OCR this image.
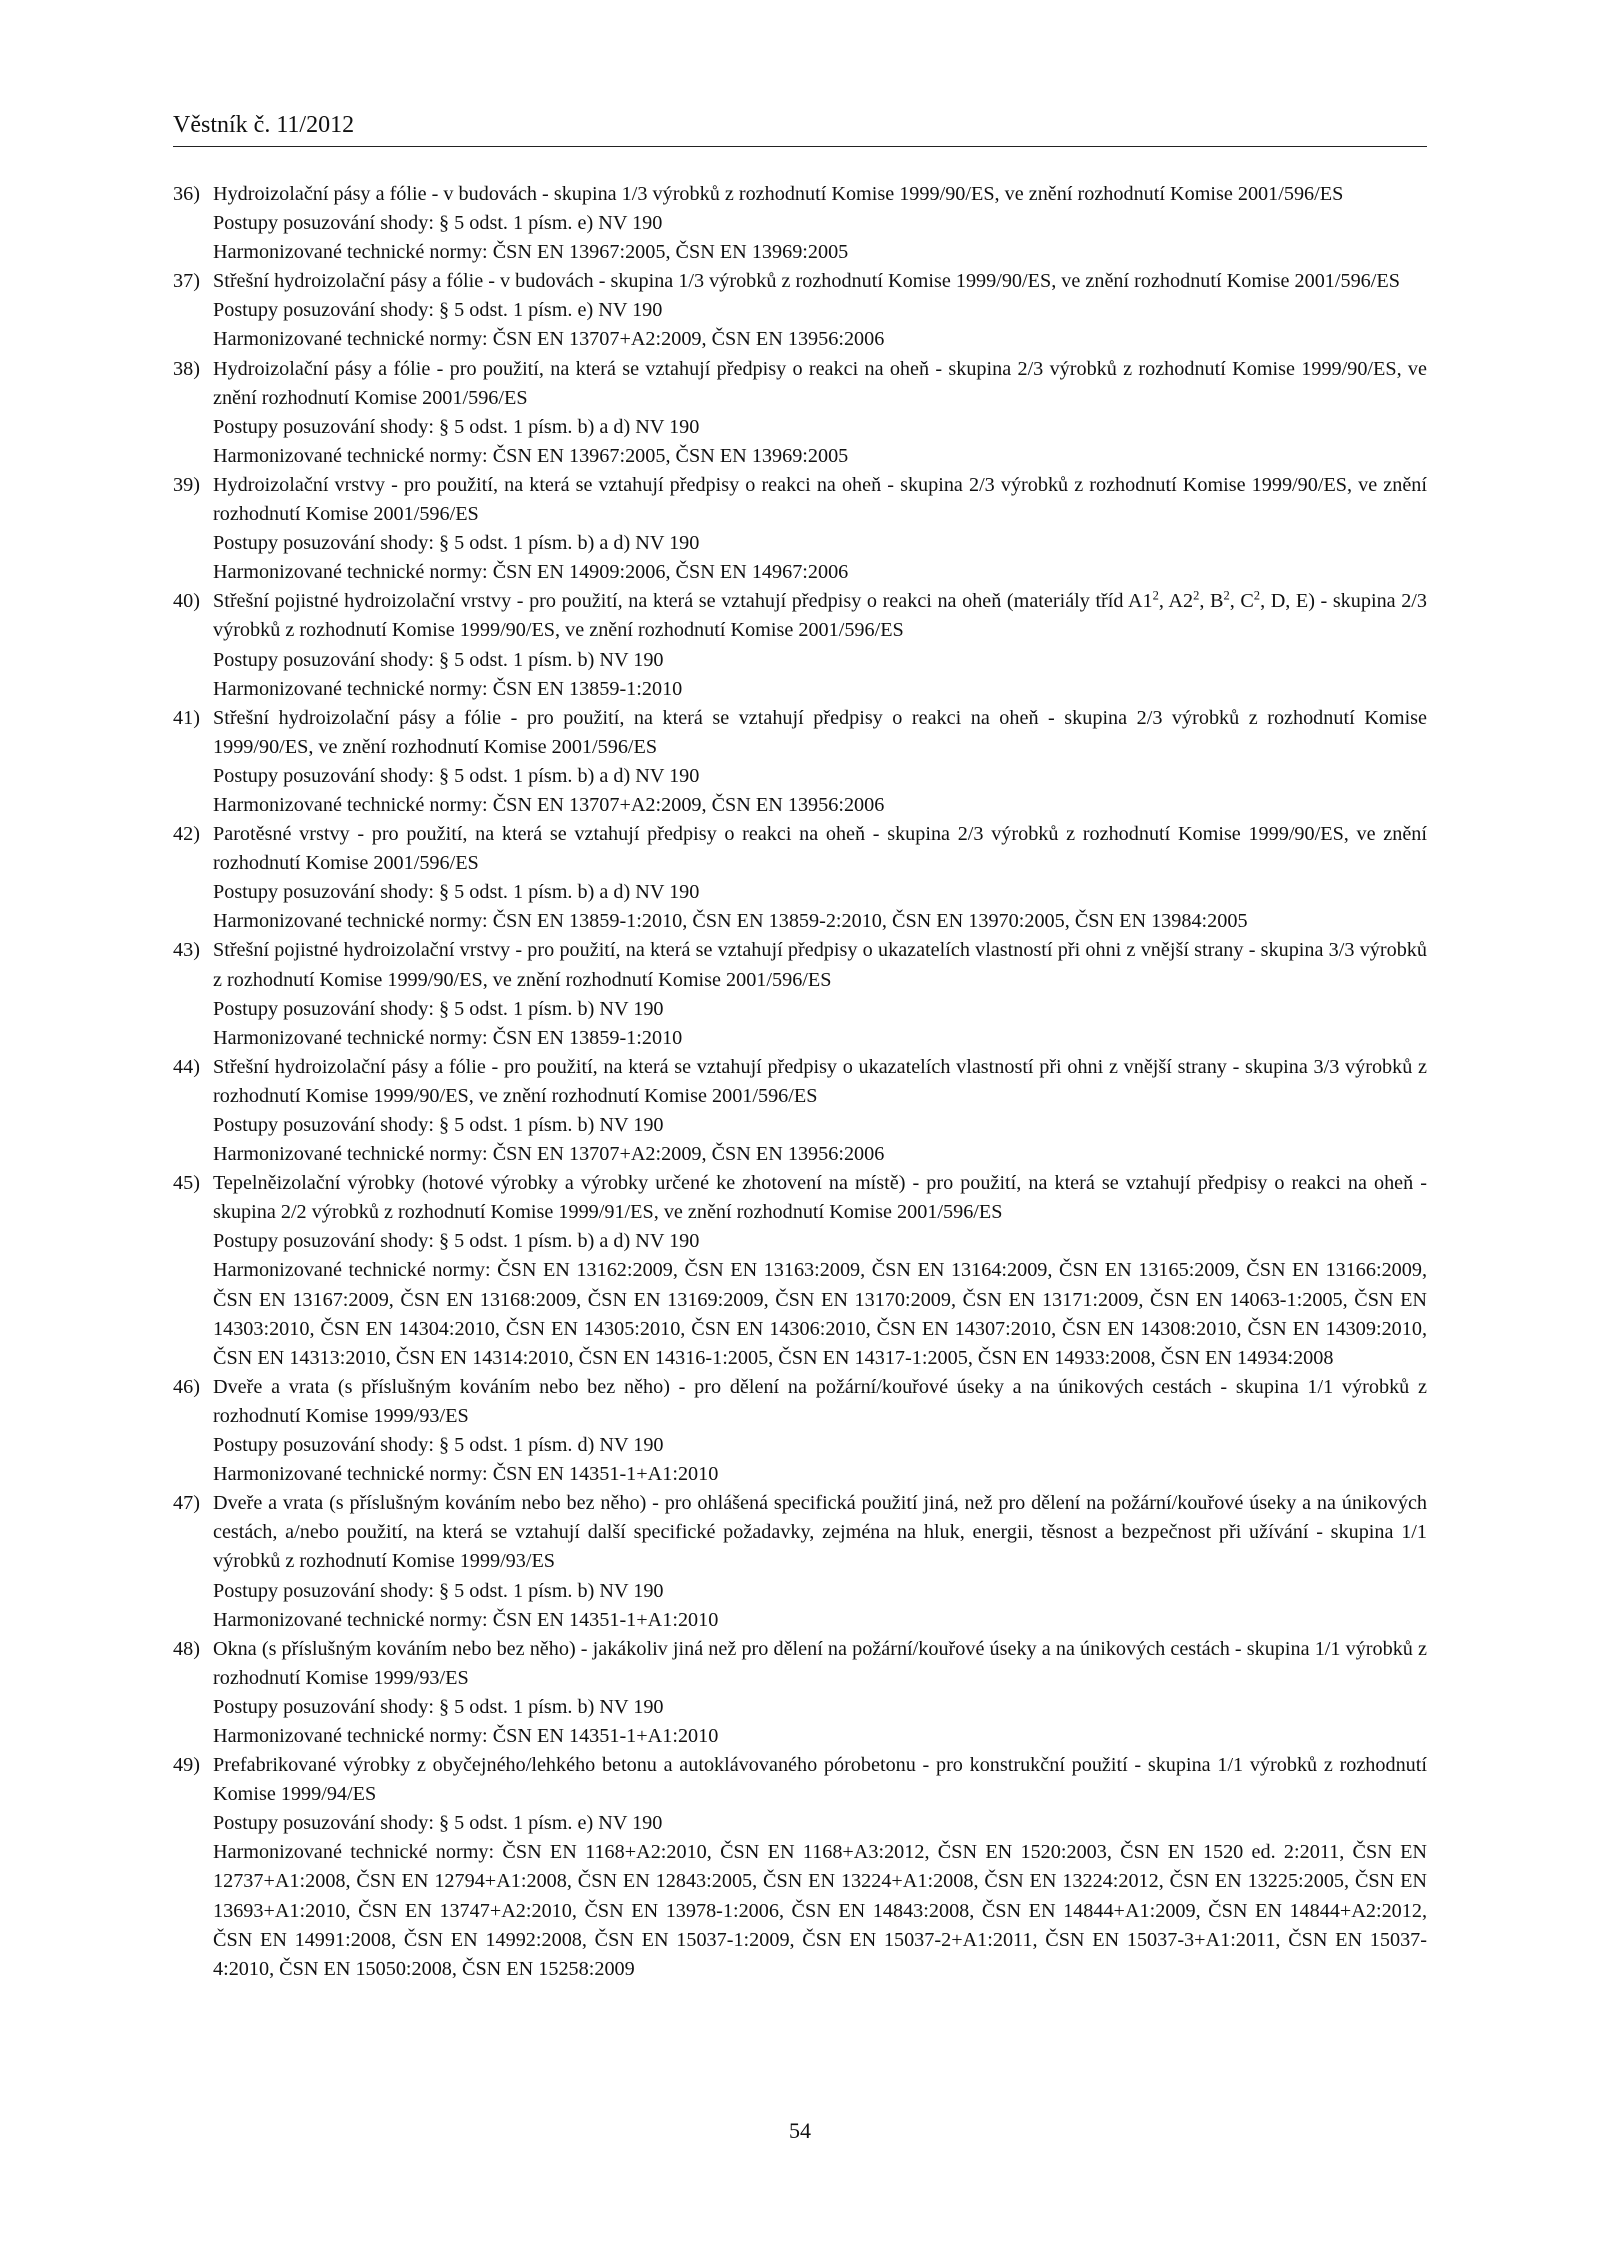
Věstník č. 11/2012
36) Hydroizolační pásy a fólie - v budovách - skupina 1/3 výrobků z rozhodnutí Komise 1999/90/ES, ve znění rozhodnutí Komise 2001/596/ES

Postupy posuzování shody: § 5 odst. 1 písm. e) NV 190

Harmonizované technické normy: ČSN EN 13967:2005, ČSN EN 13969:2005

37) Střešní hydroizolační pásy a fólie - v budovách - skupina 1/3 výrobků z rozhodnutí Komise 1999/90/ES, ve znění rozhodnutí Komise 2001/596/ES

Postupy posuzování shody: § 5 odst. 1 písm. e) NV 190

Harmonizované technické normy: ČSN EN 13707+A2:2009, ČSN EN 13956:2006

38) Hydroizolační pásy a fólie - pro použití, na která se vztahují předpisy o reakci na oheň - skupina 2/3 výrobků z rozhodnutí Komise 1999/90/ES, ve znění rozhodnutí Komise 2001/596/ES

Postupy posuzování shody: § 5 odst. 1 písm. b) a d) NV 190

Harmonizované technické normy: ČSN EN 13967:2005, ČSN EN 13969:2005

39) Hydroizolační vrstvy - pro použití, na která se vztahují předpisy o reakci na oheň - skupina 2/3 výrobků z rozhodnutí Komise 1999/90/ES, ve znění rozhodnutí Komise 2001/596/ES

Postupy posuzování shody: § 5 odst. 1 písm. b) a d) NV 190

Harmonizované technické normy: ČSN EN 14909:2006, ČSN EN 14967:2006

40) Střešní pojistné hydroizolační vrstvy - pro použití, na která se vztahují předpisy o reakci na oheň (materiály tříd $A1^2$, $A2^2$, $B^2$, $C^2$, D, E) - skupina 2/3 výrobků z rozhodnutí Komise 1999/90/ES, ve znění rozhodnutí Komise 2001/596/ES

Postupy posuzování shody: § 5 odst. 1 písm. b) NV 190

Harmonizované technické normy: ČSN EN 13859-1:2010

41) Střešní hydroizolační pásy a fólie - pro použití, na která se vztahují předpisy o reakci na oheň - skupina 2/3 výrobků z rozhodnutí Komise 1999/90/ES, ve znění rozhodnutí Komise 2001/596/ES

Postupy posuzování shody: § 5 odst. 1 písm. b) a d) NV 190

Harmonizované technické normy: ČSN EN 13707+A2:2009, ČSN EN 13956:2006

42) Parotěsné vrstvy - pro použití, na která se vztahují předpisy o reakci na oheň - skupina 2/3 výrobků z rozhodnutí Komise 1999/90/ES, ve znění rozhodnutí Komise 2001/596/ES

Postupy posuzování shody: § 5 odst. 1 písm. b) a d) NV 190

Harmonizované technické normy: ČSN EN 13859-1:2010, ČSN EN 13859-2:2010, ČSN EN 13970:2005, ČSN EN 13984:2005

43) Střešní pojistné hydroizolační vrstvy - pro použití, na která se vztahují předpisy o ukazatelích vlastností při ohni z vnější strany - skupina 3/3 výrobků z rozhodnutí Komise 1999/90/ES, ve znění rozhodnutí Komise 2001/596/ES

Postupy posuzování shody: § 5 odst. 1 písm. b) NV 190

Harmonizované technické normy: ČSN EN 13859-1:2010

44) Střešní hydroizolační pásy a fólie - pro použití, na která se vztahují předpisy o ukazatelích vlastností při ohni z vnější strany - skupina 3/3 výrobků z rozhodnutí Komise 1999/90/ES, ve znění rozhodnutí Komise 2001/596/ES

Postupy posuzování shody: § 5 odst. 1 písm. b) NV 190

Harmonizované technické normy: ČSN EN 13707+A2:2009, ČSN EN 13956:2006

45) Tepelněizolační výrobky (hotové výrobky a výrobky určené ke zhotovení na místě) - pro použití, na která se vztahují předpisy o reakci na oheň - skupina 2/2 výrobků z rozhodnutí Komise 1999/91/ES, ve znění rozhodnutí Komise 2001/596/ES

Postupy posuzování shody: § 5 odst. 1 písm. b) a d) NV 190

Harmonizované technické normy: ČSN EN 13162:2009, ČSN EN 13163:2009, ČSN EN 13164:2009, ČSN EN 13165:2009, ČSN EN 13166:2009, ČSN EN 13167:2009, ČSN EN 13168:2009, ČSN EN 13169:2009, ČSN EN 13170:2009, ČSN EN 13171:2009, ČSN EN 14063-1:2005, ČSN EN 14303:2010, ČSN EN 14304:2010, ČSN EN 14305:2010, ČSN EN 14306:2010, ČSN EN 14307:2010, ČSN EN 14308:2010, ČSN EN 14309:2010, ČSN EN 14313:2010, ČSN EN 14314:2010, ČSN EN 14316-1:2005, ČSN EN 14317-1:2005, ČSN EN 14933:2008, ČSN EN 14934:2008

46) Dveře a vrata (s příslušným kováním nebo bez něho) - pro dělení na požární/kouřové úseky a na únikových cestách - skupina 1/1 výrobků z rozhodnutí Komise 1999/93/ES

Postupy posuzování shody: § 5 odst. 1 písm. d) NV 190

Harmonizované technické normy: ČSN EN 14351-1+A1:2010

47) Dveře a vrata (s příslušným kováním nebo bez něho) - pro ohlášená specifická použití jiná, než pro dělení na požární/kouřové úseky a na únikových cestách, a/nebo použití, na která se vztahují další specifické požadavky, zejména na hluk, energii, těsnost a bezpečnost při užívání - skupina 1/1 výrobků z rozhodnutí Komise 1999/93/ES

Postupy posuzování shody: § 5 odst. 1 písm. b) NV 190

Harmonizované technické normy: ČSN EN 14351-1+A1:2010

48) Okna (s příslušným kováním nebo bez něho) - jakákoliv jiná než pro dělení na požární/kouřové úseky a na únikových cestách - skupina 1/1 výrobků z rozhodnutí Komise 1999/93/ES

Postupy posuzování shody: § 5 odst. 1 písm. b) NV 190

Harmonizované technické normy: ČSN EN 14351-1+A1:2010

49) Prefabrikované výrobky z obyčejného/lehkého betonu a autoklávovaného pórobetonu - pro konstrukční použití - skupina 1/1 výrobků z rozhodnutí Komise 1999/94/ES

Postupy posuzování shody: § 5 odst. 1 písm. e) NV 190

Harmonizované technické normy: ČSN EN 1168+A2:2010, ČSN EN 1168+A3:2012, ČSN EN 1520:2003, ČSN EN 1520 ed. 2:2011, ČSN EN 12737+A1:2008, ČSN EN 12794+A1:2008, ČSN EN 12843:2005, ČSN EN 13224+A1:2008, ČSN EN 13224:2012, ČSN EN 13225:2005, ČSN EN 13693+A1:2010, ČSN EN 13747+A2:2010, ČSN EN 13978-1:2006, ČSN EN 14843:2008, ČSN EN 14844+A1:2009, ČSN EN 14844+A2:2012, ČSN EN 14991:2008, ČSN EN 14992:2008, ČSN EN 15037-1:2009, ČSN EN 15037-2+A1:2011, ČSN EN 15037-3+A1:2011, ČSN EN 15037-4:2010, ČSN EN 15050:2008, ČSN EN 15258:2009

54
